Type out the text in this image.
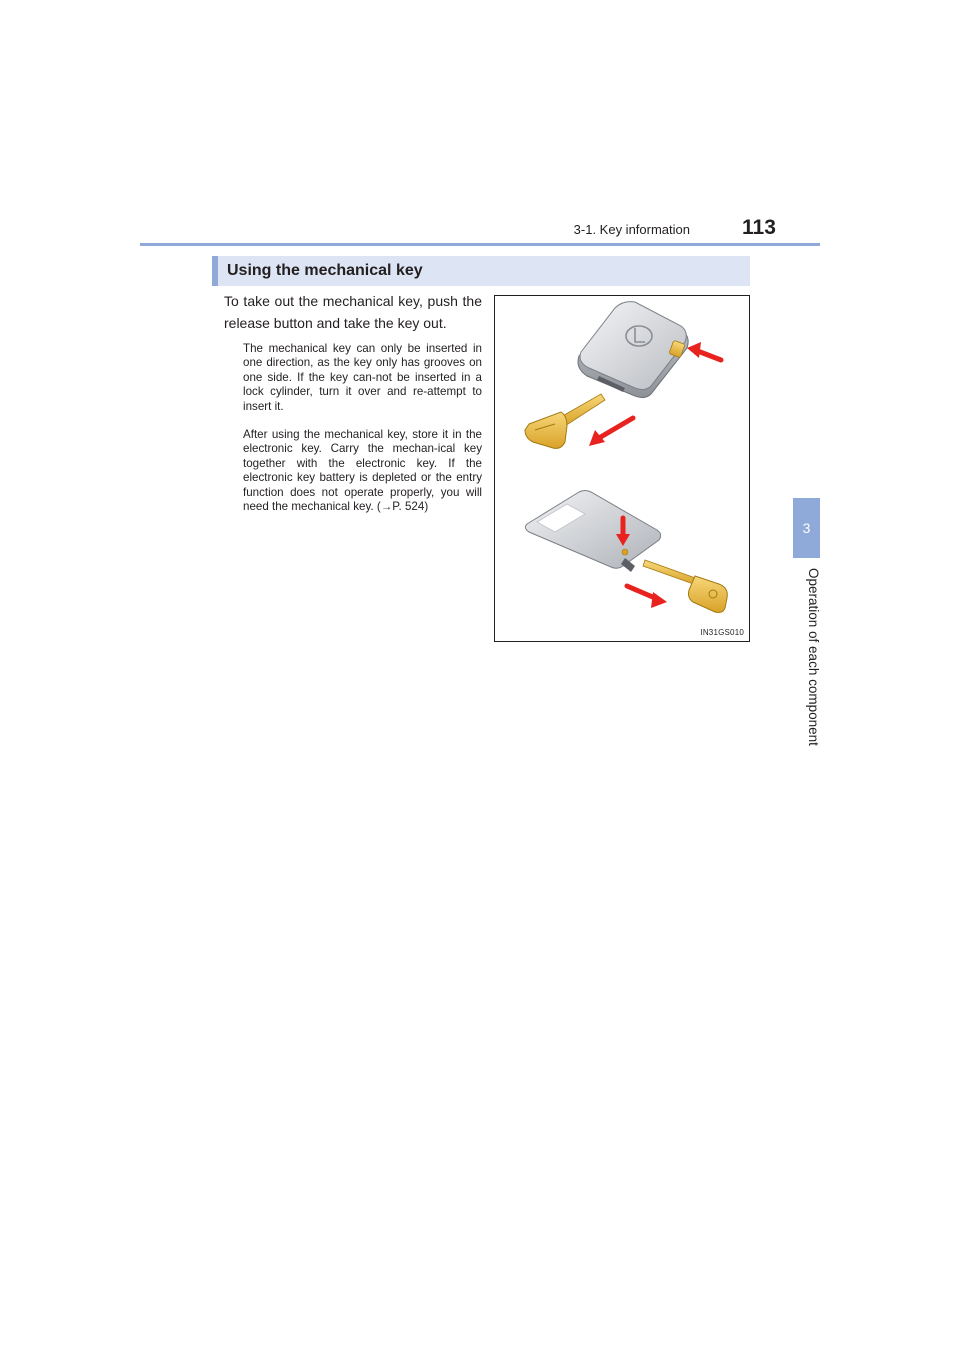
3-1. Key information 113
3
Operation of each component
Using the mechanical key

To take out the mechanical key, push the release button and take the key out.

The mechanical key can only be inserted in one direction, as the key only has grooves on one side. If the key can-not be inserted in a lock cylinder, turn it over and re-attempt to insert it.

After using the mechanical key, store it in the electronic key. Carry the mechan-ical key together with the electronic key. If the electronic key battery is depleted or the entry function does not operate properly, you will need the mechanical key. (→P. 524)

IN31GS010
